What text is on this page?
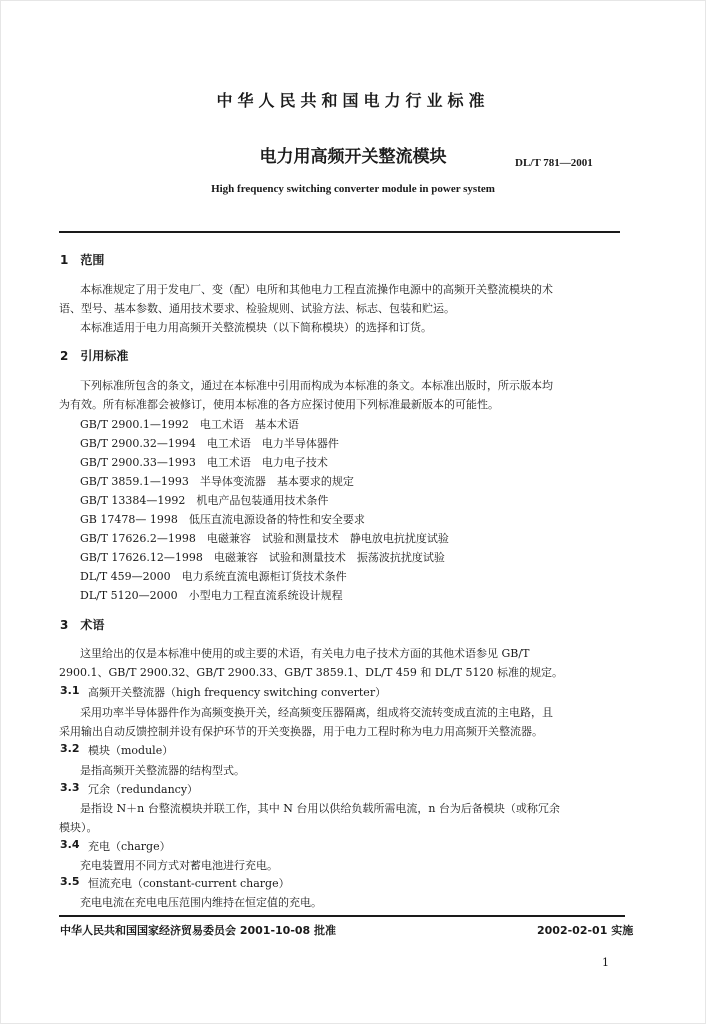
中华人民共和国电力行业标准
电力用高频开关整流模块	DL/T 781—2001
High frequency switching converter module in power system
1　范围
本标准规定了用于发电厂、变（配）电所和其他电力工程直流操作电源中的高频开关整流模块的术
语、型号、基本参数、通用技术要求、检验规则、试验方法、标志、包装和贮运。
本标准适用于电力用高频开关整流模块（以下简称模块）的选择和订货。
2　引用标准
下列标准所包含的条文，通过在本标准中引用而构成为本标准的条文。本标准出版时，所示版本均
为有效。所有标准都会被修订，使用本标准的各方应探讨使用下列标准最新版本的可能性。
GB/T 2900.1—1992　电工术语　基本术语
GB/T 2900.32—1994　电工术语　电力半导体器件
GB/T 2900.33—1993　电工术语　电力电子技术
GB/T 3859.1—1993　半导体变流器　基本要求的规定
GB/T 13384—1992　机电产品包装通用技术条件
GB 17478— 1998　低压直流电源设备的特性和安全要求
GB/T 17626.2—1998　电磁兼容　试验和测量技术　静电放电抗扰度试验
GB/T 17626.12—1998　电磁兼容　试验和测量技术　振荡波抗扰度试验
DL/T 459—2000　电力系统直流电源柜订货技术条件
DL/T 5120—2000　小型电力工程直流系统设计规程
3　术语
这里给出的仅是本标准中使用的或主要的术语，有关电力电子技术方面的其他术语参见 GB/T
2900.1、GB/T 2900.32、GB/T 2900.33、GB/T 3859.1、DL/T 459 和 DL/T 5120 标准的规定。
3.1 高频开关整流器（high frequency switching converter）
采用功率半导体器件作为高频变换开关，经高频变压器隔离，组成将交流转变成直流的主电路，且
采用输出自动反馈控制并设有保护环节的开关变换器，用于电力工程时称为电力用高频开关整流器。
3.2 模块（module）
是指高频开关整流器的结构型式。
3.3 冗余（redundancy）
是指设 N＋n 台整流模块并联工作，其中 N 台用以供给负载所需电流，n 台为后备模块（或称冗余
模块）。
3.4 充电（charge）
充电装置用不同方式对蓄电池进行充电。
3.5 恒流充电（constant-current charge）
充电电流在充电电压范围内维持在恒定值的充电。
中华人民共和国国家经济贸易委员会 2001-10-08 批准	2002-02-01 实施
1
